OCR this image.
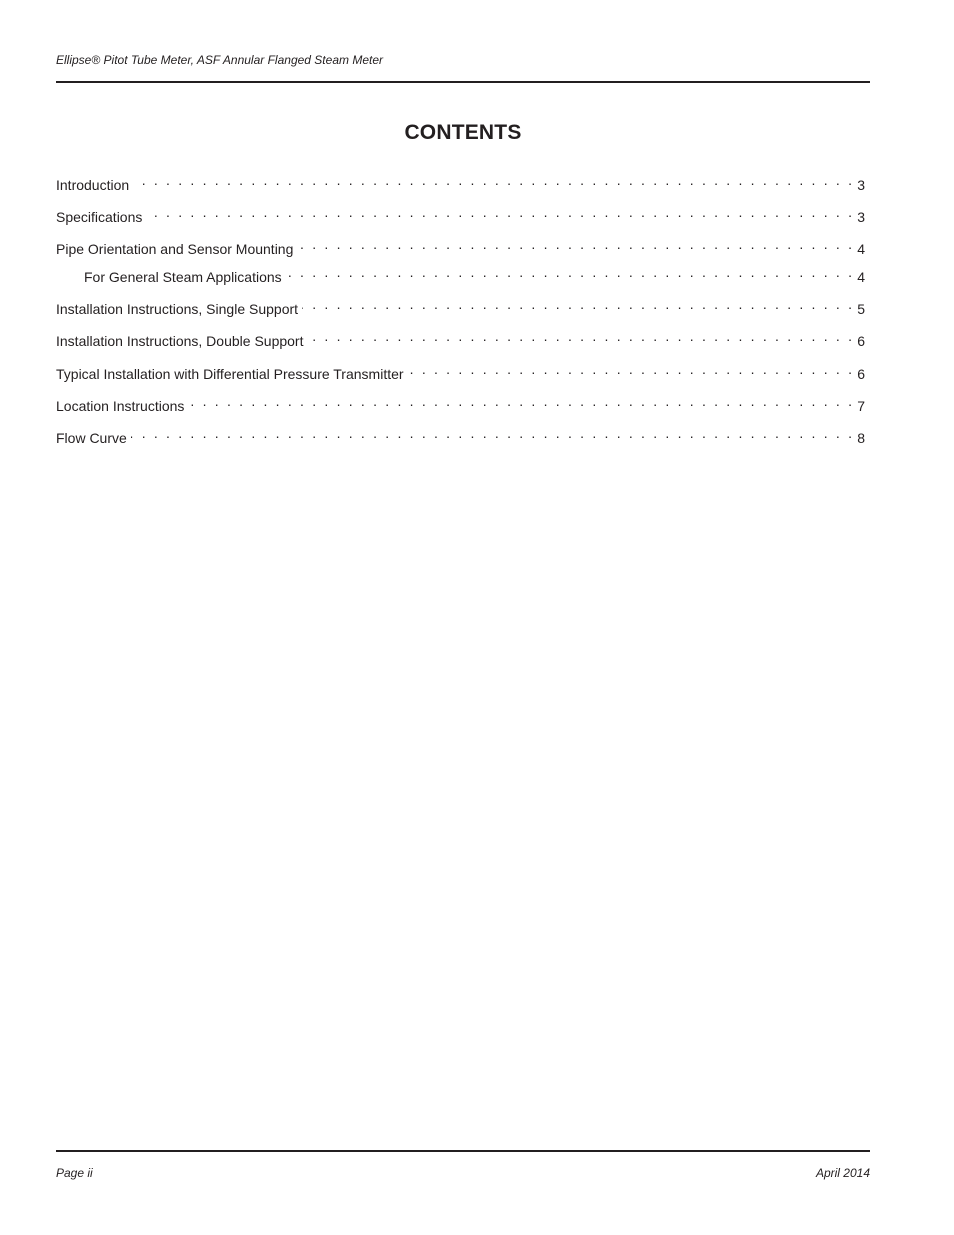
Ellipse® Pitot Tube Meter, ASF Annular Flanged Steam Meter
CONTENTS
Introduction . . .	3
Specifications . . .	3
Pipe Orientation and Sensor Mounting . . .	4
For General Steam Applications . . .	4
Installation Instructions, Single Support . . .	5
Installation Instructions, Double Support . . .	6
Typical Installation with Differential Pressure Transmitter . . .	6
Location Instructions . . .	7
Flow Curve . . .	8
Page ii	April 2014
